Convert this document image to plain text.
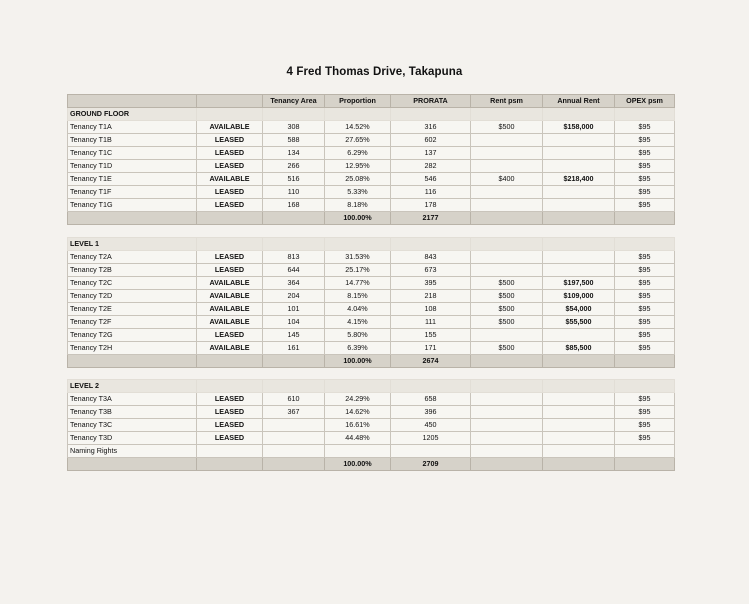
4 Fred Thomas Drive, Takapuna
		Tenancy Area	Proportion	PRORATA	Rent psm	Annual Rent	OPEX psm
GROUND FLOOR							
Tenancy T1A	AVAILABLE	308	14.52%	316	$500	$158,000	$95
Tenancy T1B	LEASED	588	27.65%	602			$95
Tenancy T1C	LEASED	134	6.29%	137			$95
Tenancy T1D	LEASED	266	12.95%	282			$95
Tenancy T1E	AVAILABLE	516	25.08%	546	$400	$218,400	$95
Tenancy T1F	LEASED	110	5.33%	116			$95
Tenancy T1G	LEASED	168	8.18%	178			$95
			100.00%	2177			

LEVEL 1							
Tenancy T2A	LEASED	813	31.53%	843			$95
Tenancy T2B	LEASED	644	25.17%	673			$95
Tenancy T2C	AVAILABLE	364	14.77%	395	$500	$197,500	$95
Tenancy T2D	AVAILABLE	204	8.15%	218	$500	$109,000	$95
Tenancy T2E	AVAILABLE	101	4.04%	108	$500	$54,000	$95
Tenancy T2F	AVAILABLE	104	4.15%	111	$500	$55,500	$95
Tenancy T2G	LEASED	145	5.80%	155			$95
Tenancy T2H	AVAILABLE	161	6.39%	171	$500	$85,500	$95
			100.00%	2674			

LEVEL 2							
Tenancy T3A	LEASED	610	24.29%	658			$95
Tenancy T3B	LEASED	367	14.62%	396			$95
Tenancy T3C	LEASED		16.61%	450			$95
Tenancy T3D	LEASED		44.48%	1205			$95
Naming Rights							
			100.00%	2709			
